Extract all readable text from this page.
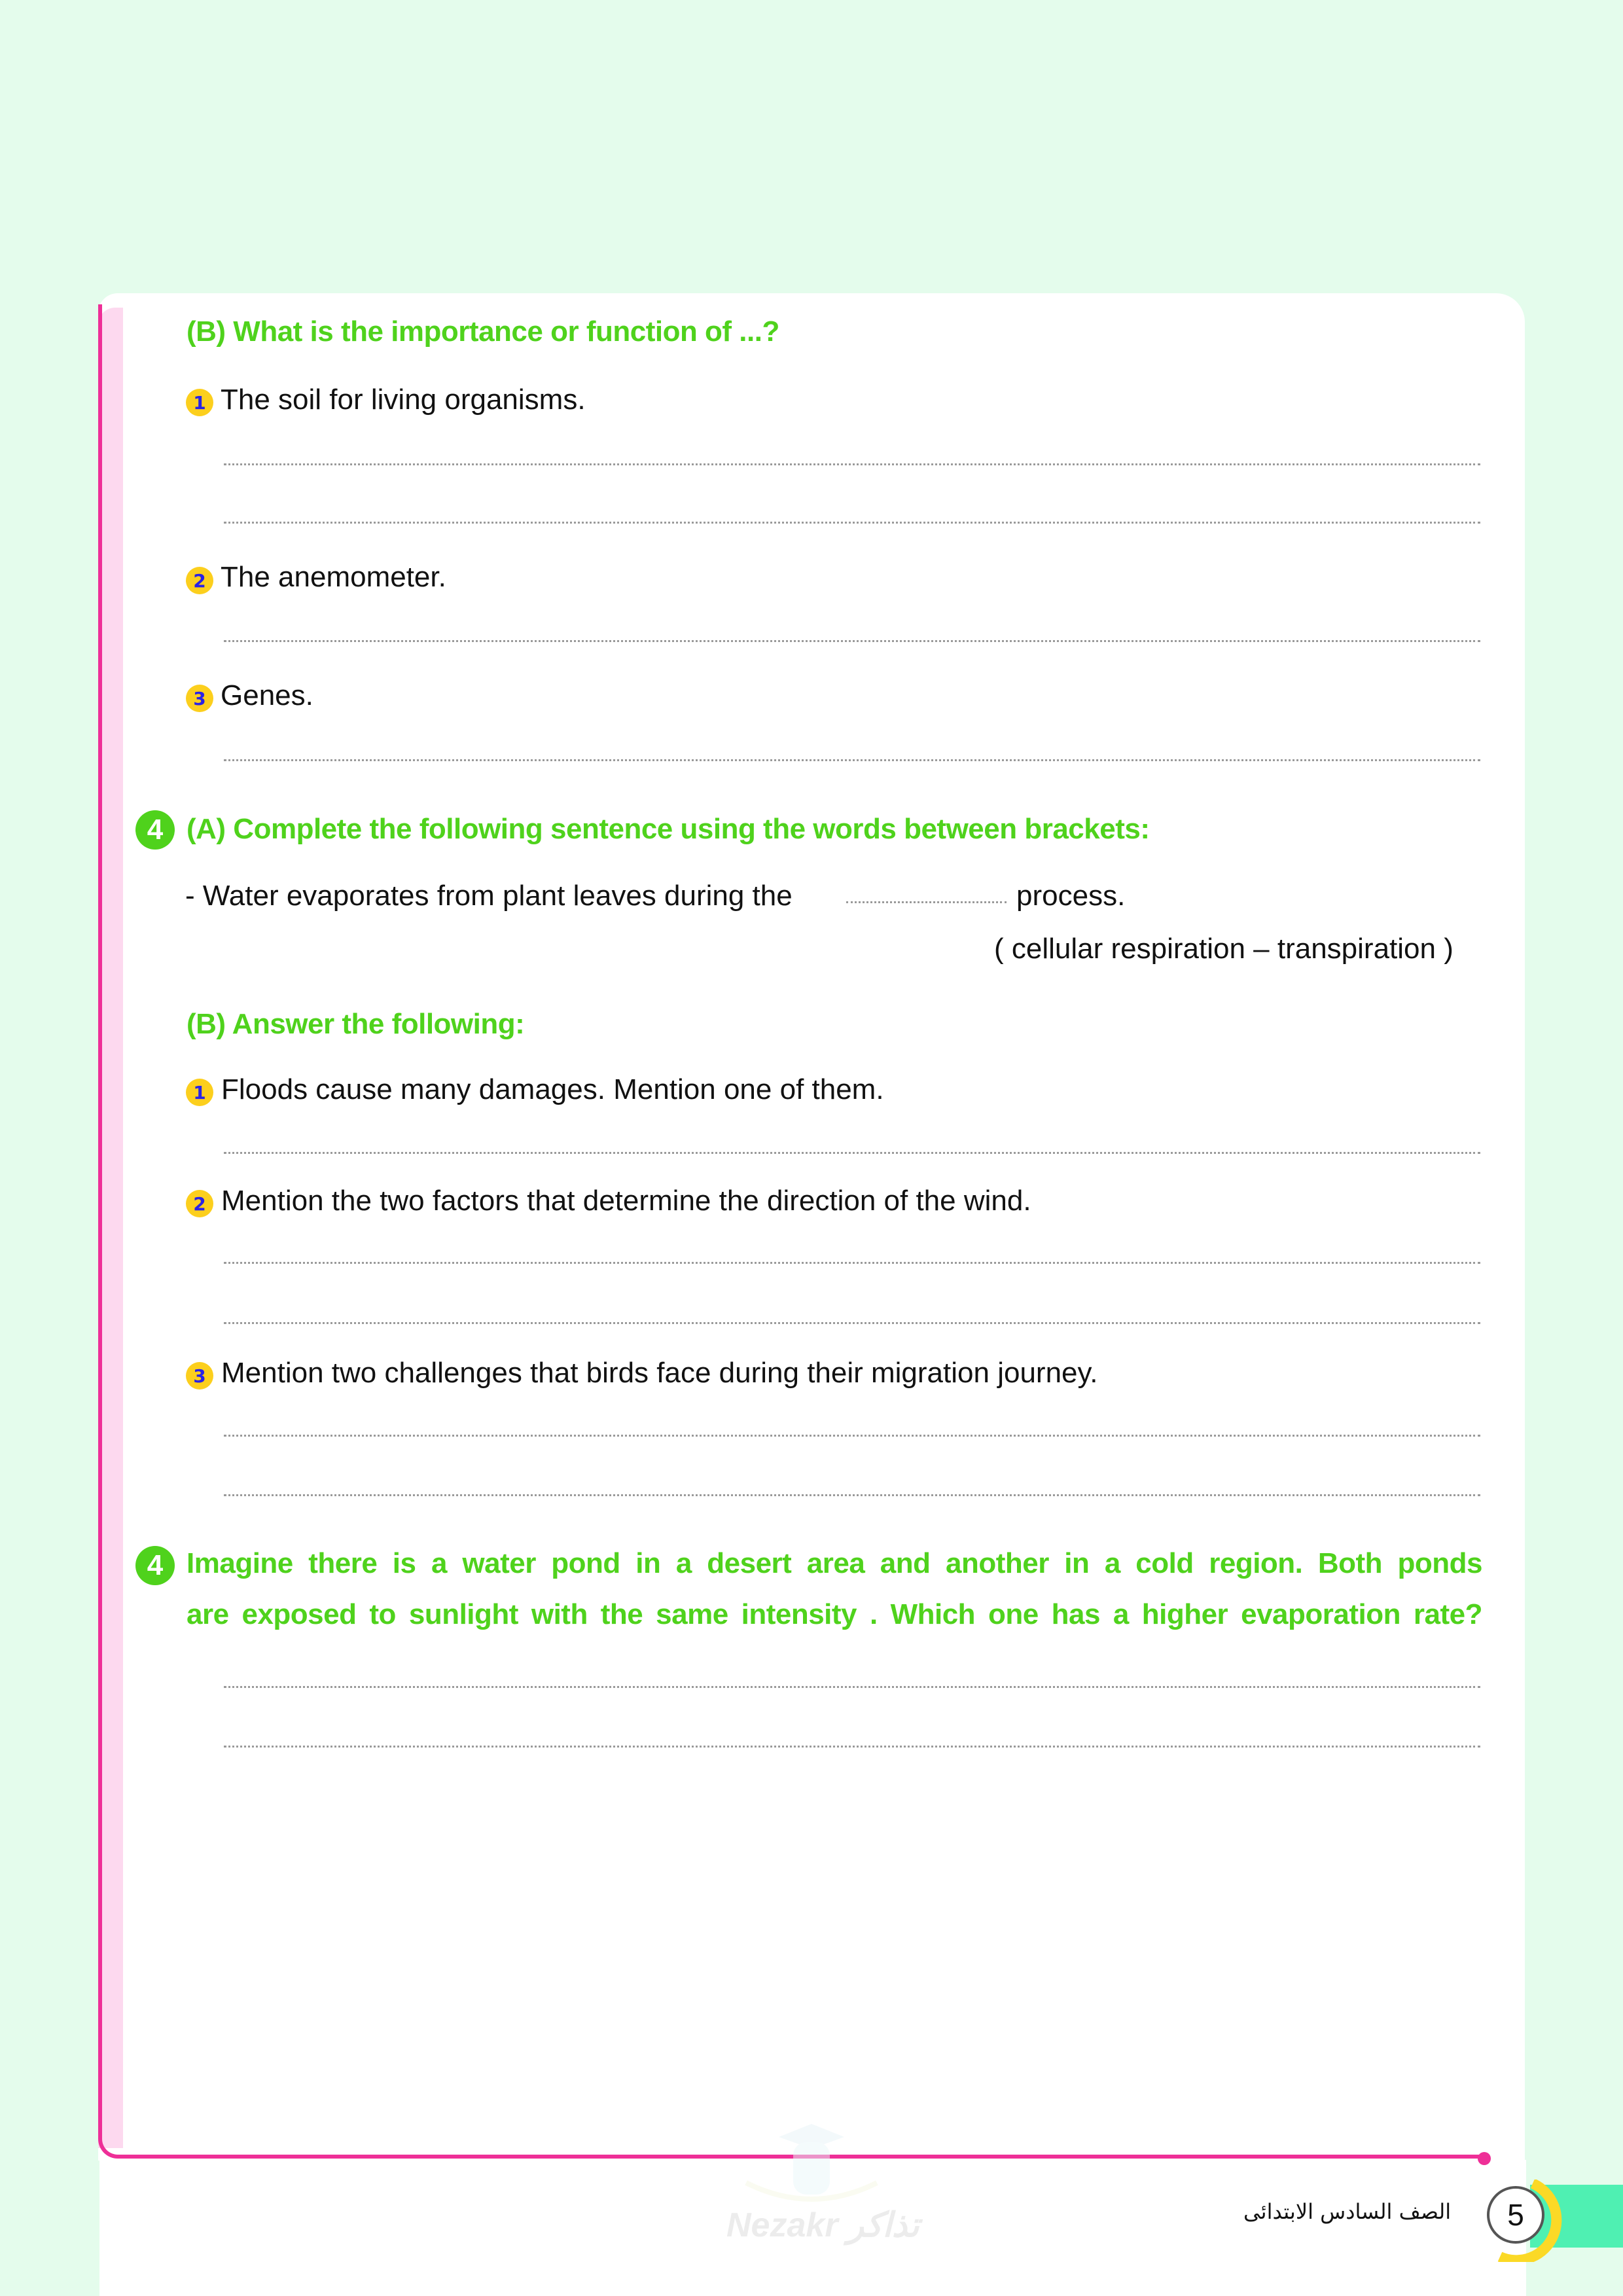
(B) What is the importance or function of ...?
1 The soil for living organisms.
2 The anemometer.
3 Genes.
4 (A) Complete the following sentence using the words between brackets:
- Water evaporates from plant leaves during the	process.
( cellular respiration – transpiration )
(B) Answer the following:
1 Floods cause many damages. Mention one of them.
2 Mention the two factors that determine the direction of the wind.
3 Mention two challenges that birds face during their migration journey.
4 Imagine there is a water pond in a desert area and another in a cold region. Both ponds
are exposed to sunlight with the same intensity . Which one has a higher evaporation rate?
Nezakr تذاكر	5
الصف السادس الابتدائى
